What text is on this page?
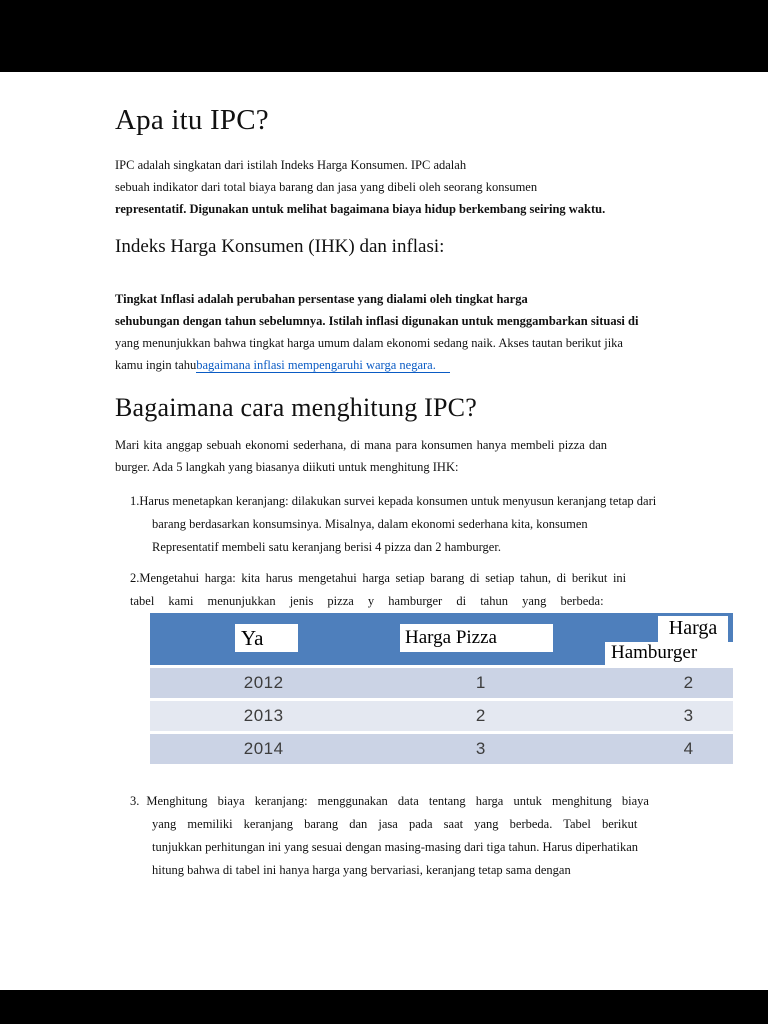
Apa itu IPC?
IPC adalah singkatan dari istilah Indeks Harga Konsumen. IPC adalah
sebuah indikator dari total biaya barang dan jasa yang dibeli oleh seorang konsumen
representatif. Digunakan untuk melihat bagaimana biaya hidup berkembang seiring waktu.
Indeks Harga Konsumen (IHK) dan inflasi:
Tingkat Inflasi adalah perubahan persentase yang dialami oleh tingkat harga
sehubungan dengan tahun sebelumnya. Istilah inflasi digunakan untuk menggambarkan situasi di
yang menunjukkan bahwa tingkat harga umum dalam ekonomi sedang naik. Akses tautan berikut jika
kamu ingin tahubagaimana inflasi mempengaruhi warga negara.
Bagaimana cara menghitung IPC?
Mari kita anggap sebuah ekonomi sederhana, di mana para konsumen hanya membeli pizza dan
burger. Ada 5 langkah yang biasanya diikuti untuk menghitung IHK:
1.Harus menetapkan keranjang: dilakukan survei kepada konsumen untuk menyusun keranjang tetap dari
barang berdasarkan konsumsinya. Misalnya, dalam ekonomi sederhana kita, konsumen
Representatif membeli satu keranjang berisi 4 pizza dan 2 hamburger.
2.Mengetahui harga: kita harus mengetahui harga setiap barang di setiap tahun, di berikut ini
tabel kami menunjukkan jenis pizza y hamburger di tahun yang berbeda:
Ya	Harga Pizza	Harga
Hamburger
2012	1	2
2013	2	3
2014	3	4
3. Menghitung biaya keranjang: menggunakan data tentang harga untuk menghitung biaya
yang memiliki keranjang barang dan jasa pada saat yang berbeda. Tabel berikut
tunjukkan perhitungan ini yang sesuai dengan masing-masing dari tiga tahun. Harus diperhatikan
hitung bahwa di tabel ini hanya harga yang bervariasi, keranjang tetap sama dengan
